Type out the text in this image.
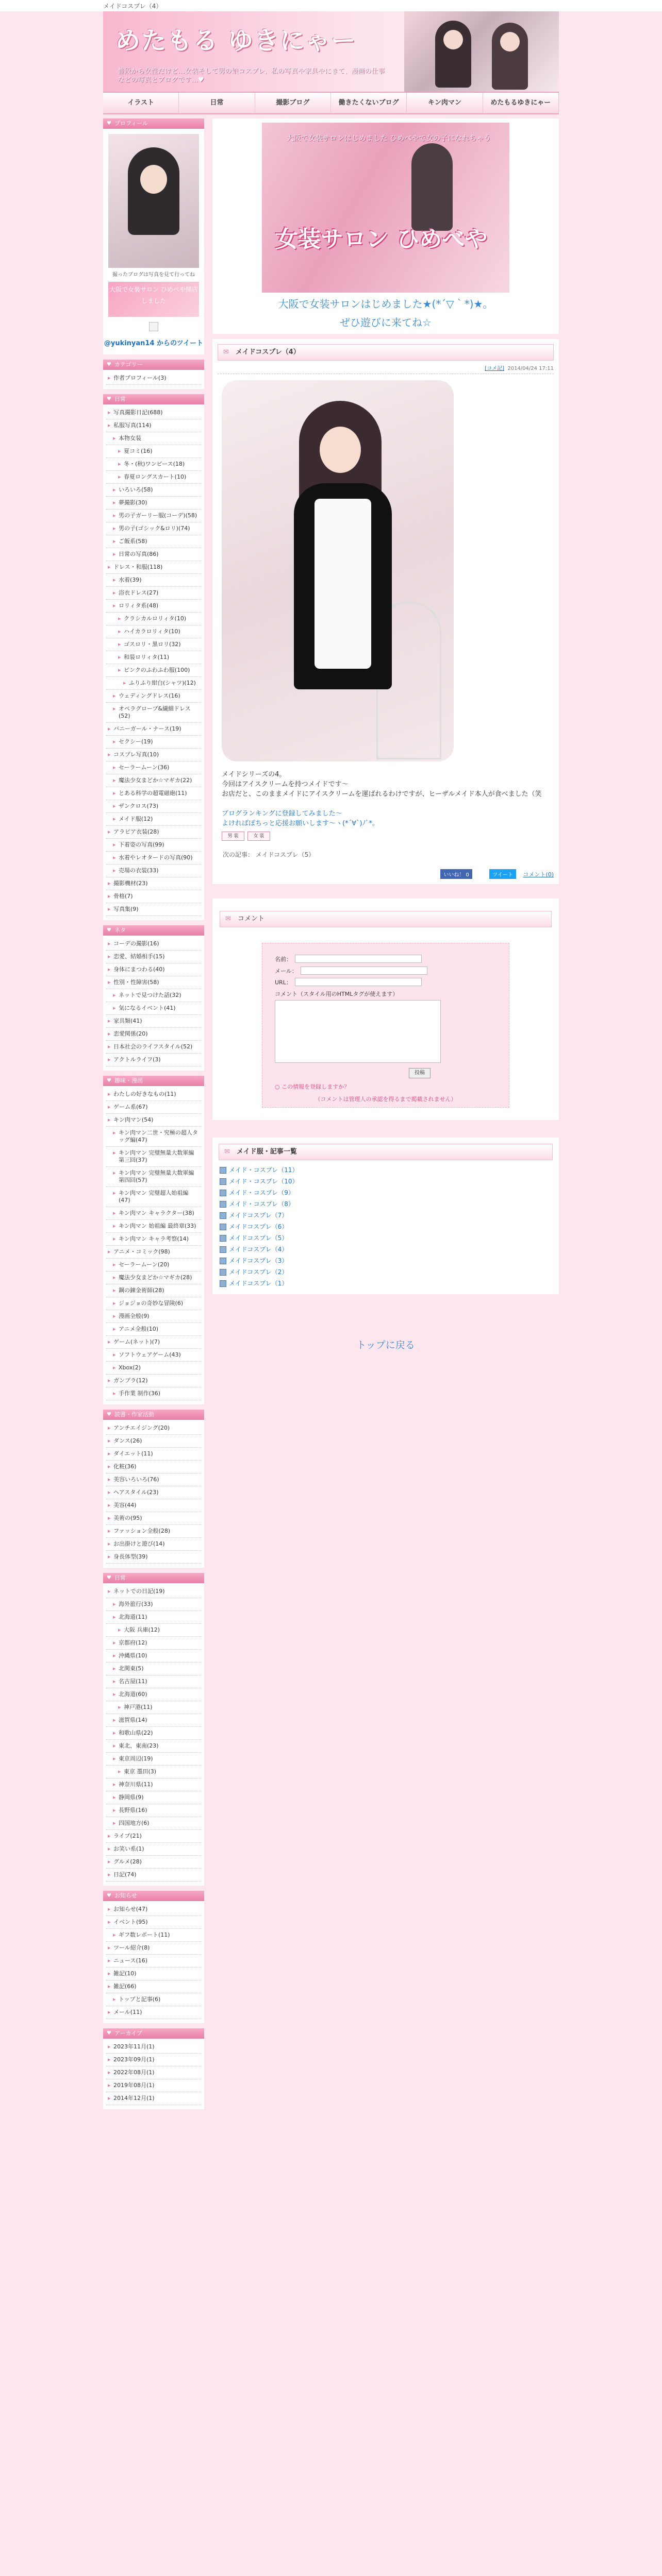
メイドコスプレ（4）
めたもる ゆきにゃー
普段から女性だけど…女装そして男の娘コスプレ、私の写真や家具やにきて、漫画の仕事などの写真とブログです…♥
イラスト	日常	撮影ブログ	働きたくないブログ	キン肉マン	めたもるゆきにゃー
♥ プロフィール
撮ったブログは写真を見て行ってね
大阪で女装サロン ひめべや開店しました
@yukinyan14 からのツイート
♥ カテゴリー
▸ 作者プロフィール(3)
♥ 日常
▸ 写真撮影日記(688)
▸ 私服写真(114)
▸ 本物女装
▸ 夏コミ(16)
▸ 冬・(秋)ワンピース(18)
▸ 春夏ロングスカート(10)
▸ いろいろ(58)
▸ 夢撮影(30)
▸ 男の子ガーリー服(コーデ)(58)
▸ 男の子(ゴシック&ロリ)(74)
▸ ご飯系(58)
▸ 日常の写真(86)
▸ ドレス・和服(118)
▸ 水着(39)
▸ 浴衣ドレス(27)
▸ ロリィタ系(48)
▸ クラシカルロリィタ(10)
▸ ハイカラロリィタ(10)
▸ ゴスロリ・黒ロリ(32)
▸ 和装ロリィタ(11)
▸ ピンクのふわふわ服(100)
▸ ふりふり紺白(シャツ)(12)
▸ ウェディングドレス(16)
▸ オペラグローブ&繊細ドレス(52)
▸ バニーガール・ナース(19)
▸ セクシー(19)
▸ コスプレ写真(10)
▸ セーラームーン(36)
▸ 魔法少女まどか☆マギカ(22)
▸ とある科学の超電磁砲(11)
▸ ザンクロス(73)
▸ メイド服(12)
▸ アラビア衣装(28)
▸ 下着姿の写真(99)
▸ 水着やレオタードの写真(90)
▸ 売場の衣装(33)
▸ 撮影機材(23)
▸ 骨格(7)
▸ 写真集(9)
♥ ネタ
▸ コーデの撮影(16)
▸ 恋愛、結婚相手(15)
▸ 身体にまつわる(40)
▸ 性別・性障害(58)
▸ ネットで見つけた話(32)
▸ 気になるイベント(41)
▸ 家具類(41)
▸ 恋愛関係(20)
▸ 日本社会のライフスタイル(52)
▸ アクトルライフ(3)
♥ 趣味・漫画
▸ わたしの好きなもの(11)
▸ ゲーム系(67)
▸ キン肉マン(54)
▸ キン肉マン二世・究極の超人タッグ編(47)
▸ キン肉マン 完璧無量大数軍編 第三回(37)
▸ キン肉マン 完璧無量大数軍編 第四回(57)
▸ キン肉マン 完璧超人始祖編(47)
▸ キン肉マン キャラクター(38)
▸ キン肉マン 始祖編 最終章(33)
▸ キン肉マン キャラ考察(14)
▸ アニメ・コミック(98)
▸ セーラームーン(20)
▸ 魔法少女まどか☆マギカ(28)
▸ 鋼の錬金術師(28)
▸ ジョジョの奇妙な冒険(6)
▸ 漫画全般(9)
▸ アニメ全般(10)
▸ ゲーム(ネット)(7)
▸ ソフトウェアゲーム(43)
▸ Xbox(2)
▸ ガンプラ(12)
▸ 手作業 制作(36)
♥ 読書・作家活動
▸ アンチエイジング(20)
▸ ダンス(26)
▸ ダイエット(11)
▸ 化粧(36)
▸ 美容いろいろ(76)
▸ ヘアスタイル(23)
▸ 美容(44)
▸ 美術の(95)
▸ ファッション全般(28)
▸ お出掛けと遊び(14)
▸ 身長体型(39)
♥ 日常
▸ ネットでの日記(19)
▸ 海外旅行(33)
▸ 北海道(11)
▸ 大阪 兵庫(12)
▸ 京都府(12)
▸ 沖縄県(10)
▸ 北関東(5)
▸ 名古屋(11)
▸ 北海道(60)
▸ 神戸港(11)
▸ 滋賀県(14)
▸ 和歌山県(22)
▸ 東北、東南(23)
▸ 東京周辺(19)
▸ 東京 墨田(3)
▸ 神奈川県(11)
▸ 静岡県(9)
▸ 長野県(16)
▸ 四国地方(6)
▸ ライブ(21)
▸ お笑い系(1)
▸ グルメ(28)
▸ 日記(74)
♥ お知らせ
▸ お知らせ(47)
▸ イベント(95)
▸ ギフ数レポート(11)
▸ ツール紹介(8)
▸ ニュース(16)
▸ 雑記(10)
▸ 雑記(66)
▸ トップと記事(6)
▸ メール(11)
♥ アーカイブ
▸ 2023年11月(1)
▸ 2023年09月(1)
▸ 2022年08月(1)
▸ 2019年08月(1)
▸ 2014年12月(1)
大阪で女装サロンはじめました ひめべやで女の子になれちゃう
女装サロン ひめべや
大阪で女装サロンはじめました★(*´▽｀*)★。
ぜひ遊びに来てね☆
✉ メイドコスプレ（4）
[コメ記] 2014/04/24 17:11
メイドシリーズの4。
今回はアイスクリームを持つメイドです〜
お店だと、このままメイドにアイスクリームを運ばれるわけですが、ヒーザルメイド本人が食べました（笑

ブログランキングに登録してみました〜
よければぽちっと応援お願いします〜ヽ(*´∀`)ﾉﾞ*｡
男 装	女 装
次の記事： メイドコスプレ（5）
いいね！ 0	ツイート コメント(0)
✉ コメント
名前：
メール：
URL：
コメント（スタイル用のHTMLタグが使えます）
投稿
○ この情報を登録しますか？
（コメントは管理人の承認を得るまで掲載されません）
✉ メイド服・記事一覧
メイド・コスプレ（11）
メイド・コスプレ（10）
メイド・コスプレ（9）
メイド・コスプレ（8）
メイドコスプレ（7）
メイドコスプレ（6）
メイドコスプレ（5）
メイドコスプレ（4）
メイドコスプレ（3）
メイドコスプレ（2）
メイドコスプレ（1）
トップに戻る
